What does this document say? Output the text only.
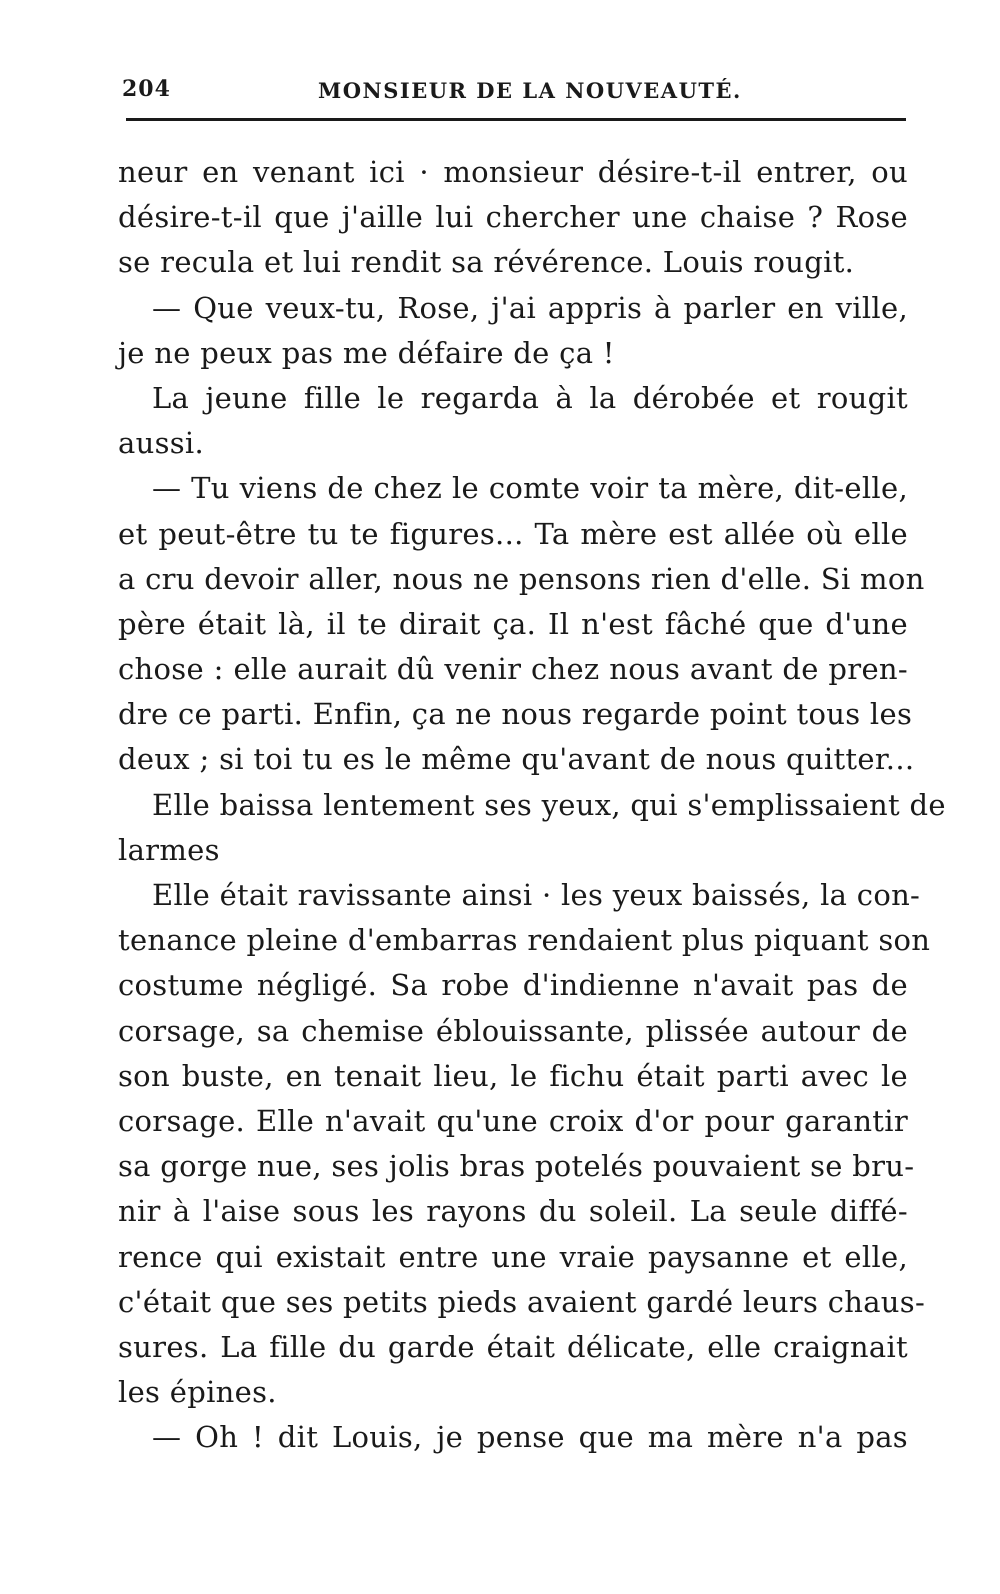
204	MONSIEUR DE LA NOUVEAUTÉ.
neur en venant ici · monsieur désire-t-il entrer, ou
désire-t-il que j'aille lui chercher une chaise ? Rose
se recula et lui rendit sa révérence. Louis rougit.
— Que veux-tu, Rose, j'ai appris à parler en ville,
je ne peux pas me défaire de ça !
La jeune fille le regarda à la dérobée et rougit
aussi.
— Tu viens de chez le comte voir ta mère, dit-elle,
et peut-être tu te figures... Ta mère est allée où elle
a cru devoir aller, nous ne pensons rien d'elle. Si mon
père était là, il te dirait ça. Il n'est fâché que d'une
chose : elle aurait dû venir chez nous avant de pren-
dre ce parti. Enfin, ça ne nous regarde point tous les
deux ; si toi tu es le même qu'avant de nous quitter...
Elle baissa lentement ses yeux, qui s'emplissaient de
larmes
Elle était ravissante ainsi · les yeux baissés, la con-
tenance pleine d'embarras rendaient plus piquant son
costume négligé. Sa robe d'indienne n'avait pas de
corsage, sa chemise éblouissante, plissée autour de
son buste, en tenait lieu, le fichu était parti avec le
corsage. Elle n'avait qu'une croix d'or pour garantir
sa gorge nue, ses jolis bras potelés pouvaient se bru-
nir à l'aise sous les rayons du soleil. La seule diffé-
rence qui existait entre une vraie paysanne et elle,
c'était que ses petits pieds avaient gardé leurs chaus-
sures. La fille du garde était délicate, elle craignait
les épines.
— Oh ! dit Louis, je pense que ma mère n'a pas
